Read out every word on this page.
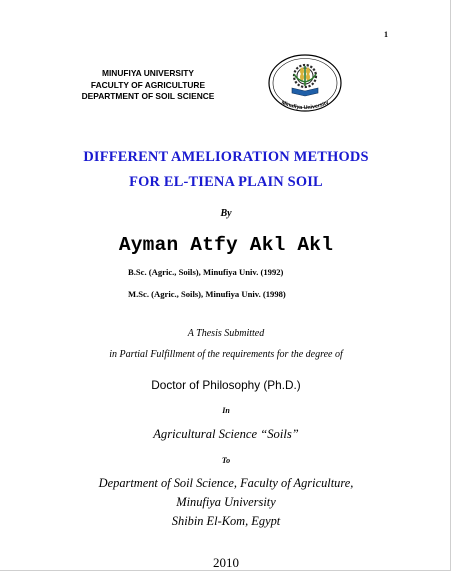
1
MINUFIYA UNIVERSITY
FACULTY OF AGRICULTURE
DEPARTMENT OF SOIL SCIENCE
Minufiya University
DIFFERENT AMELIORATION METHODS
FOR EL-TIENA PLAIN SOIL
By
Ayman Atfy Akl Akl
B.Sc. (Agric., Soils), Minufiya Univ. (1992)
M.Sc. (Agric., Soils), Minufiya Univ. (1998)
A Thesis Submitted
in Partial Fulfillment of the requirements for the degree of
Doctor of Philosophy (Ph.D.)
In
Agricultural Science “Soils”
To
Department of Soil Science, Faculty of Agriculture,
Minufiya University
Shibin El-Kom, Egypt
2010
